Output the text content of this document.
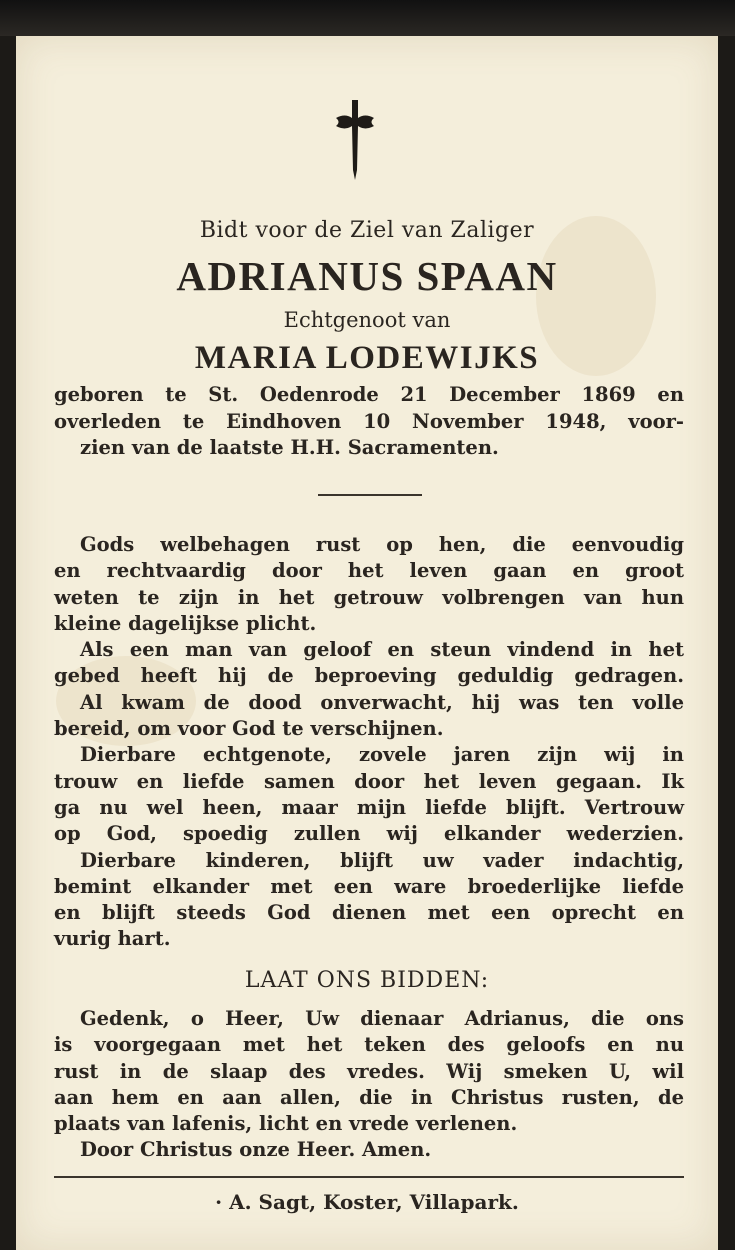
Bidt voor de Ziel van Zaliger
ADRIANUS SPAAN
Echtgenoot van
MARIA LODEWIJKS
geboren te St. Oedenrode 21 December 1869 en
overleden te Eindhoven 10 November 1948, voor-
zien van de laatste H.H. Sacramenten.
Gods welbehagen rust op hen, die eenvoudig
en rechtvaardig door het leven gaan en groot
weten te zijn in het getrouw volbrengen van hun
kleine dagelijkse plicht.
Als een man van geloof en steun vindend in het
gebed heeft hij de beproeving geduldig gedragen.
Al kwam de dood onverwacht, hij was ten volle
bereid, om voor God te verschijnen.
Dierbare echtgenote, zovele jaren zijn wij in
trouw en liefde samen door het leven gegaan. Ik
ga nu wel heen, maar mijn liefde blijft. Vertrouw
op God, spoedig zullen wij elkander wederzien.
Dierbare kinderen, blijft uw vader indachtig,
bemint elkander met een ware broederlijke liefde
en blijft steeds God dienen met een oprecht en
vurig hart.
LAAT ONS BIDDEN:
Gedenk, o Heer, Uw dienaar Adrianus, die ons
is voorgegaan met het teken des geloofs en nu
rust in de slaap des vredes. Wij smeken U, wil
aan hem en aan allen, die in Christus rusten, de
plaats van lafenis, licht en vrede verlenen.
Door Christus onze Heer. Amen.
· A. Sagt, Koster, Villapark.
